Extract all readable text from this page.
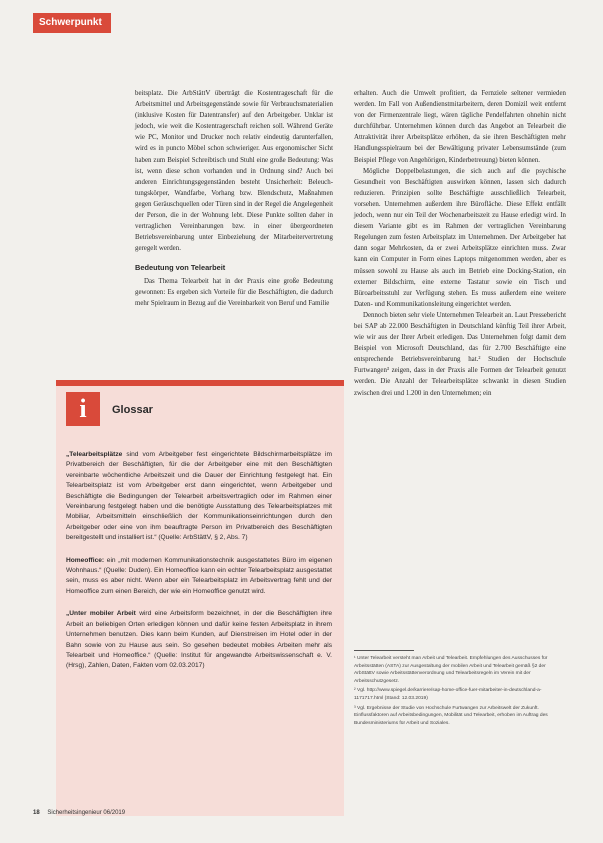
Schwerpunkt

beitsplatz. Die ArbStättV überträgt die Kostentrageschaft für die Arbeitsmittel und Arbeitsgegenstände sowie für Verbrauchsmaterialien (inklusive Kosten für Datentransfer) auf den Arbeitgeber. Unklar ist jedoch, wie weit die Kostentragerschaft reichen soll. Während Geräte wie PC, Monitor und Drucker noch relativ eindeutig darunterfallen, wird es in puncto Möbel schon schwieriger. Aus ergonomischer Sicht haben zum Beispiel Schreibtisch und Stuhl eine große Bedeutung: Was ist, wenn diese schon vorhanden und in Ordnung sind? Auch bei anderen Einrichtungsgegenständen besteht Unsicherheit: Beleuchtungskörper, Wandfarbe, Vorhang bzw. Blendschutz, Maßnahmen gegen Geräuschquellen oder Türen sind in der Regel die Angelegenheit der Person, die in der Wohnung lebt. Diese Punkte sollten daher in vertraglichen Vereinbarungen bzw. in einer übergeordneten Betriebsvereinbarung unter Einbeziehung der Mitarbeitervertretung geregelt werden.

Bedeutung von Telearbeit

Das Thema Telearbeit hat in der Praxis eine große Bedeutung gewonnen: Es ergeben sich Vorteile für die Beschäftigten, die dadurch mehr Spielraum in Bezug auf die Vereinbarkeit von Beruf und Familie

erhalten. Auch die Umwelt profitiert, da Fernziele seltener vermieden werden. Im Fall von Außendienstmitarbeitern, deren Domizil weit entfernt von der Firmenzentrale liegt, wären tägliche Pendelfahrten ohnehin nicht durchführbar. Unternehmen können durch das Angebot an Telearbeit die Attraktivität ihrer Arbeitsplätze erhöhen, da sie ihren Beschäftigten mehr Handlungsspielraum bei der Bewältigung privater Lebensumstände (zum Beispiel Pflege von Angehörigen, Kinderbetreuung) bieten können.

Mögliche Doppelbelastungen, die sich auch auf die psychische Gesundheit von Beschäftigten auswirken können, lassen sich dadurch reduzieren. Prinzipien sollte Beschäftigte ausschließlich Telearbeit, vorsehen. Unternehmen außerdem ihre Bürofläche. Diese Effekt entfällt jedoch, wenn nur ein Teil der Wochenarbeitszeit zu Hause erledigt wird. In diesem Variante gibt es im Rahmen der vertraglichen Vereinbarung Regelungen zum festen Arbeitsplatz im Unternehmen. Der Arbeitgeber hat dann sogar Mehrkosten, da er zwei Arbeitsplätze einrichten muss. Zwar kann ein Computer in Form eines Laptops mitgenommen werden, aber es müssen sowohl zu Hause als auch im Betrieb eine Docking-Station, ein externer Bildschirm, eine externe Tastatur sowie ein Tisch und Büroarbeitsstuhl zur Verfügung stehen. Es muss außerdem eine weitere Daten- und Kommunikationsleitung eingerichtet werden.

Dennoch bieten sehr viele Unternehmen Telearbeit an. Laut Pressebericht bei SAP ab 22.000 Beschäftigten in Deutschland künftig Teil ihrer Arbeit, wie wir aus der Ihrer Arbeit erledigen. Das Unternehmen folgt damit dem Beispiel von Microsoft Deutschland, das für 2.700 Beschäftigte eine entsprechende Betriebsvereinbarung hat.² Studien der Hochschule Furtwangen³ zeigen, dass in der Praxis alle Formen der Telearbeit genutzt werden. Die Anzahl der Telearbeitsplätze schwankt in diesen Studien zwischen drei und 1.200 in den Unternehmen; ein

i	Glossar

„Telearbeitsplätze sind vom Arbeitgeber fest eingerichtete Bildschirmarbeitsplätze im Privatbereich der Beschäftigten, für die der Arbeitgeber eine mit den Beschäftigten vereinbarte wöchentliche Arbeitszeit und die Dauer der Einrichtung festgelegt hat. Ein Telearbeitsplatz ist vom Arbeitgeber erst dann eingerichtet, wenn Arbeitgeber und Beschäftigte die Bedingungen der Telearbeit arbeitsvertraglich oder im Rahmen einer Vereinbarung festgelegt haben und die benötigte Ausstattung des Telearbeitsplatzes mit Mobiliar, Arbeitsmitteln einschließlich der Kommunikationseinrichtungen durch den Arbeitgeber oder eine von ihm beauftragte Person im Privatbereich des Beschäftigten bereitgestellt und installiert ist.“ (Quelle: ArbStättV, § 2, Abs. 7)

Homeoffice: ein „mit modernen Kommunikationstechnik ausgestattetes Büro im eigenen Wohnhaus.“ (Quelle: Duden). Ein Homeoffice kann ein echter Telearbeitsplatz ausgestattet sein, muss es aber nicht. Wenn aber ein Telearbeitsplatz im Arbeitsvertrag fehlt und der Homeoffice zum einen Bereich, der wie ein Homeoffice genutzt wird.

„Unter mobiler Arbeit wird eine Arbeitsform bezeichnet, in der die Beschäftigten ihre Arbeit an beliebigen Orten erledigen können und dafür keine festen Arbeitsplatz in ihrem Unternehmen benutzen. Dies kann beim Kunden, auf Dienstreisen im Hotel oder in der Bahn sowie von zu Hause aus sein. So gesehen bedeutet mobiles Arbeiten mehr als Telearbeit und Homeoffice.“ (Quelle: Institut für angewandte Arbeitswissenschaft e. V. (Hrsg), Zahlen, Daten, Fakten vom 02.03.2017)

¹ Unter Telearbeit versteht man Arbeit und Telearbeit. Empfehlungen des Ausschusses für Arbeitsstätten (ASTA) zur Ausgestaltung der mobilen Arbeit und Telearbeit gemäß §2 der ArbStättV sowie Arbeitsstättenverordnung und Telearbeitsregeln im Verein mit der Arbeitsschutzgesetz.

² Vgl. http://www.spiegel.de/karriere/sap-home-office-fuer-mitarbeiter-in-deutschland-a-1171717.html (Stand: 12.03.2019)

³ Vgl. Ergebnisse der Studie von Hochschule Furtwangen zur Arbeitswelt der Zukunft. Einflussfaktoren auf Arbeitsbedingungen, Mobilität und Telearbeit, erhoben im Auftrag des Bundesministeriums für Arbeit und Soziales.

18 Sicherheitsingenieur 06/2019
